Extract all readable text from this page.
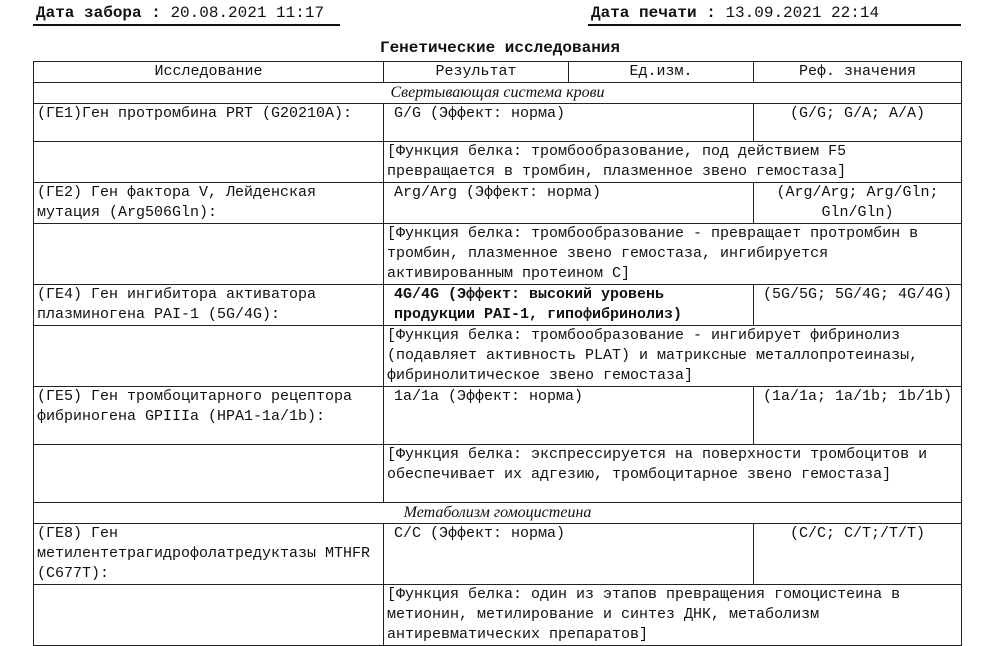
Дата забора : 20.08.2021 11:17	Дата печати : 13.09.2021 22:14
Генетические исследования
Исследование	Результат	Ед.изм.	Реф. значения
Свертывающая система крови			
(ГЕ1)Ген протромбина PRT (G20210A):	G/G (Эффект: норма)		(G/G; G/A; A/A)
	[Функция белка: тромбообразование, под действием F5 превращается в тромбин, плазменное звено гемостаза]		
(ГЕ2) Ген фактора V, Лейденская мутация (Arg506Gln):	Arg/Arg (Эффект: норма)		(Arg/Arg; Arg/Gln; Gln/Gln)
	[Функция белка: тромбообразование - превращает протромбин в тромбин, плазменное звено гемостаза, ингибируется активированным протеином C]		
(ГЕ4) Ген ингибитора активатора плазминогена PAI-1 (5G/4G):	4G/4G (Эффект: высокий уровень продукции PAI-1, гипофибринолиз)		(5G/5G; 5G/4G; 4G/4G)
	[Функция белка: тромбообразование - ингибирует фибринолиз (подавляет активность PLAT) и матриксные металлопротеиназы, фибринолитическое звено гемостаза]		
(ГЕ5) Ген тромбоцитарного рецептора фибриногена GPIIIa (HPA1-1a/1b):	1a/1a (Эффект: норма)		(1a/1a; 1a/1b; 1b/1b)
	[Функция белка: экспрессируется на поверхности тромбоцитов и обеспечивает их адгезию, тромбоцитарное звено гемостаза]		
Метаболизм гомоцистеина			
(ГЕ8) Ген метилентетрагидрофолатредуктазы MTHFR (C677T):	C/C (Эффект: норма)		(C/C; C/T;/T/T)
	[Функция белка: один из этапов превращения гомоцистеина в метионин, метилирование и синтез ДНК, метаболизм антиревматических препаратов]		
